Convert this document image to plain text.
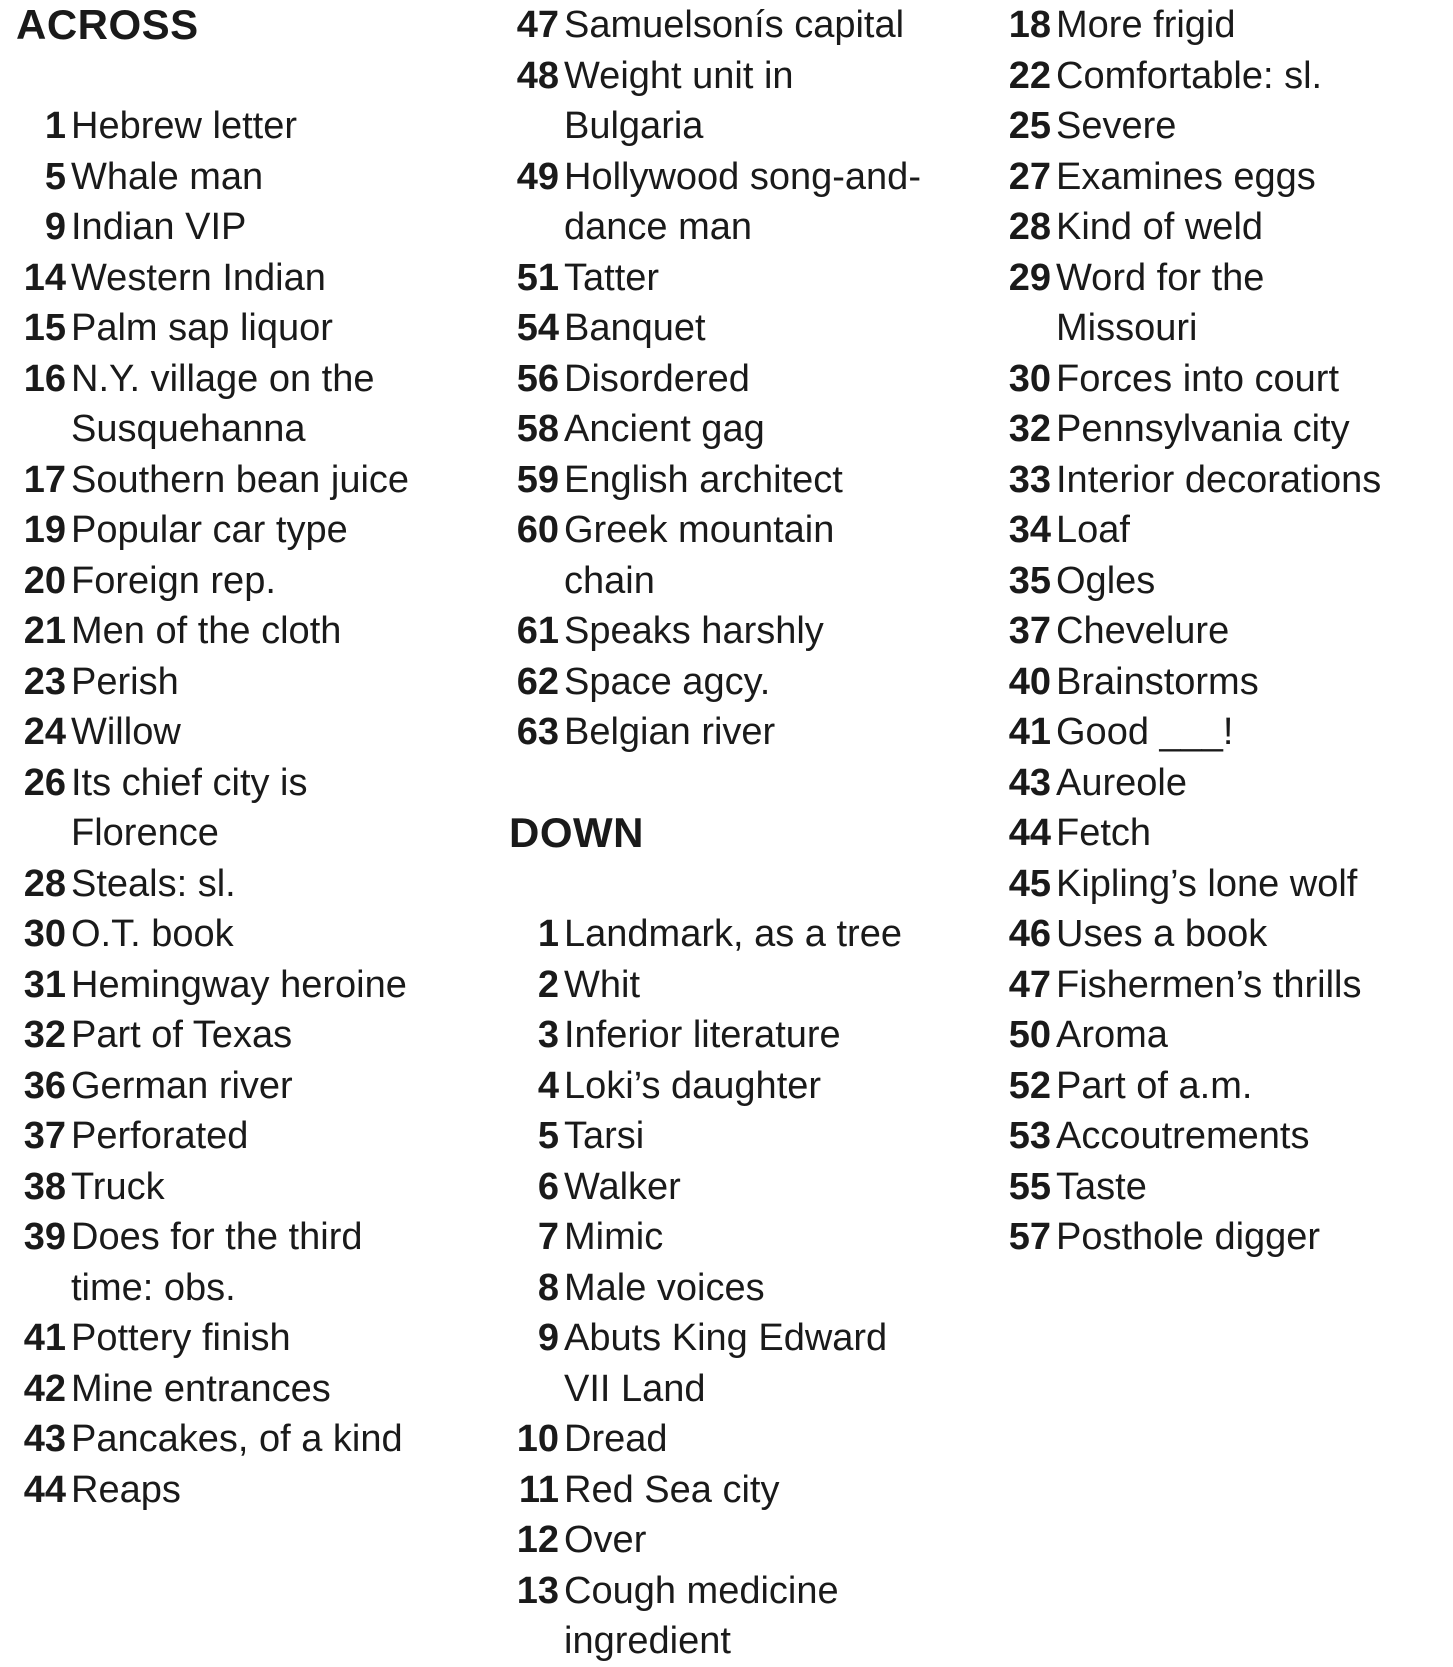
ACROSS
1 Hebrew letter
5 Whale man
9 Indian VIP
14 Western Indian
15 Palm sap liquor
16 N.Y. village on the
Susquehanna
17 Southern bean juice
19 Popular car type
20 Foreign rep.
21 Men of the cloth
23 Perish
24 Willow
26 Its chief city is
Florence
28 Steals: sl.
30 O.T. book
31 Hemingway heroine
32 Part of Texas
36 German river
37 Perforated
38 Truck
39 Does for the third
time: obs.
41 Pottery finish
42 Mine entrances
43 Pancakes, of a kind
44 Reaps
47 Samuelsonís capital
48 Weight unit in
Bulgaria
49 Hollywood song-and-
dance man
51 Tatter
54 Banquet
56 Disordered
58 Ancient gag
59 English architect
60 Greek mountain
chain
61 Speaks harshly
62 Space agcy.
63 Belgian river
DOWN
1 Landmark, as a tree
2 Whit
3 Inferior literature
4 Loki’s daughter
5 Tarsi
6 Walker
7 Mimic
8 Male voices
9 Abuts King Edward
VII Land
10 Dread
11 Red Sea city
12 Over
13 Cough medicine
ingredient
18 More frigid
22 Comfortable: sl.
25 Severe
27 Examines eggs
28 Kind of weld
29 Word for the
Missouri
30 Forces into court
32 Pennsylvania city
33 Interior decorations
34 Loaf
35 Ogles
37 Chevelure
40 Brainstorms
41 Good ___!
43 Aureole
44 Fetch
45 Kipling’s lone wolf
46 Uses a book
47 Fishermen’s thrills
50 Aroma
52 Part of a.m.
53 Accoutrements
55 Taste
57 Posthole digger
